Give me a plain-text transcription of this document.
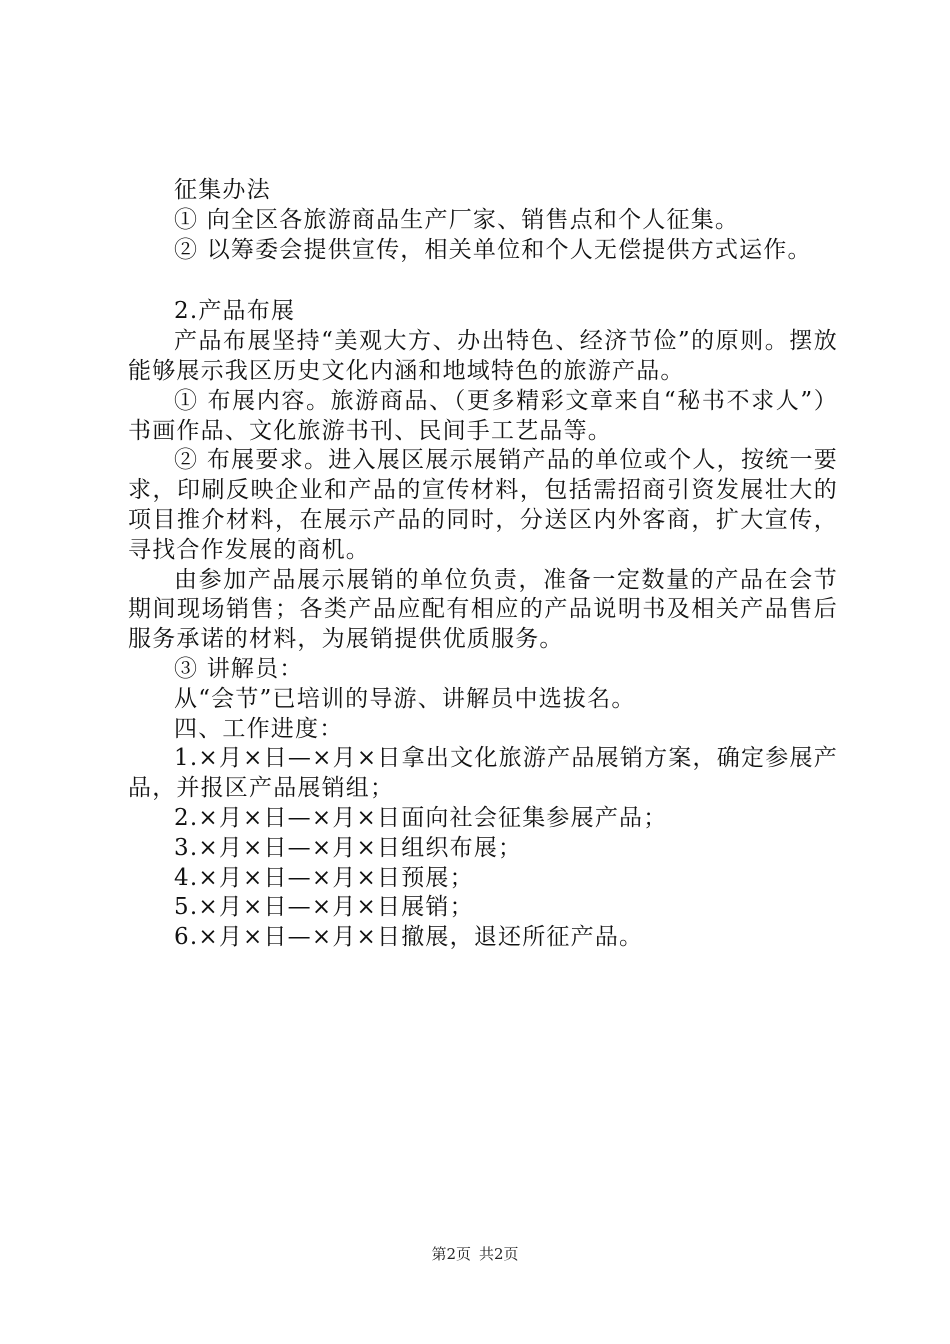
征集办法

① 向全区各旅游商品生产厂家、销售点和个人征集。

② 以筹委会提供宣传，相关单位和个人无偿提供方式运作。

2.产品布展

产品布展坚持“美观大方、办出特色、经济节俭”的原则。摆放能够展示我区历史文化内涵和地域特色的旅游产品。

① 布展内容。旅游商品、（更多精彩文章来自“秘书不求人”）书画作品、文化旅游书刊、民间手工艺品等。

② 布展要求。进入展区展示展销产品的单位或个人，按统一要求，印刷反映企业和产品的宣传材料，包括需招商引资发展壮大的项目推介材料，在展示产品的同时，分送区内外客商，扩大宣传，寻找合作发展的商机。

由参加产品展示展销的单位负责，准备一定数量的产品在会节期间现场销售；各类产品应配有相应的产品说明书及相关产品售后服务承诺的材料，为展销提供优质服务。

③ 讲解员：

从“会节”已培训的导游、讲解员中选拔名。

四、工作进度：

1.×月×日—×月×日拿出文化旅游产品展销方案，确定参展产品，并报区产品展销组；

2.×月×日—×月×日面向社会征集参展产品；

3.×月×日—×月×日组织布展；

4.×月×日—×月×日预展；

5.×月×日—×月×日展销；

6.×月×日—×月×日撤展，退还所征产品。

第2页 共2页
